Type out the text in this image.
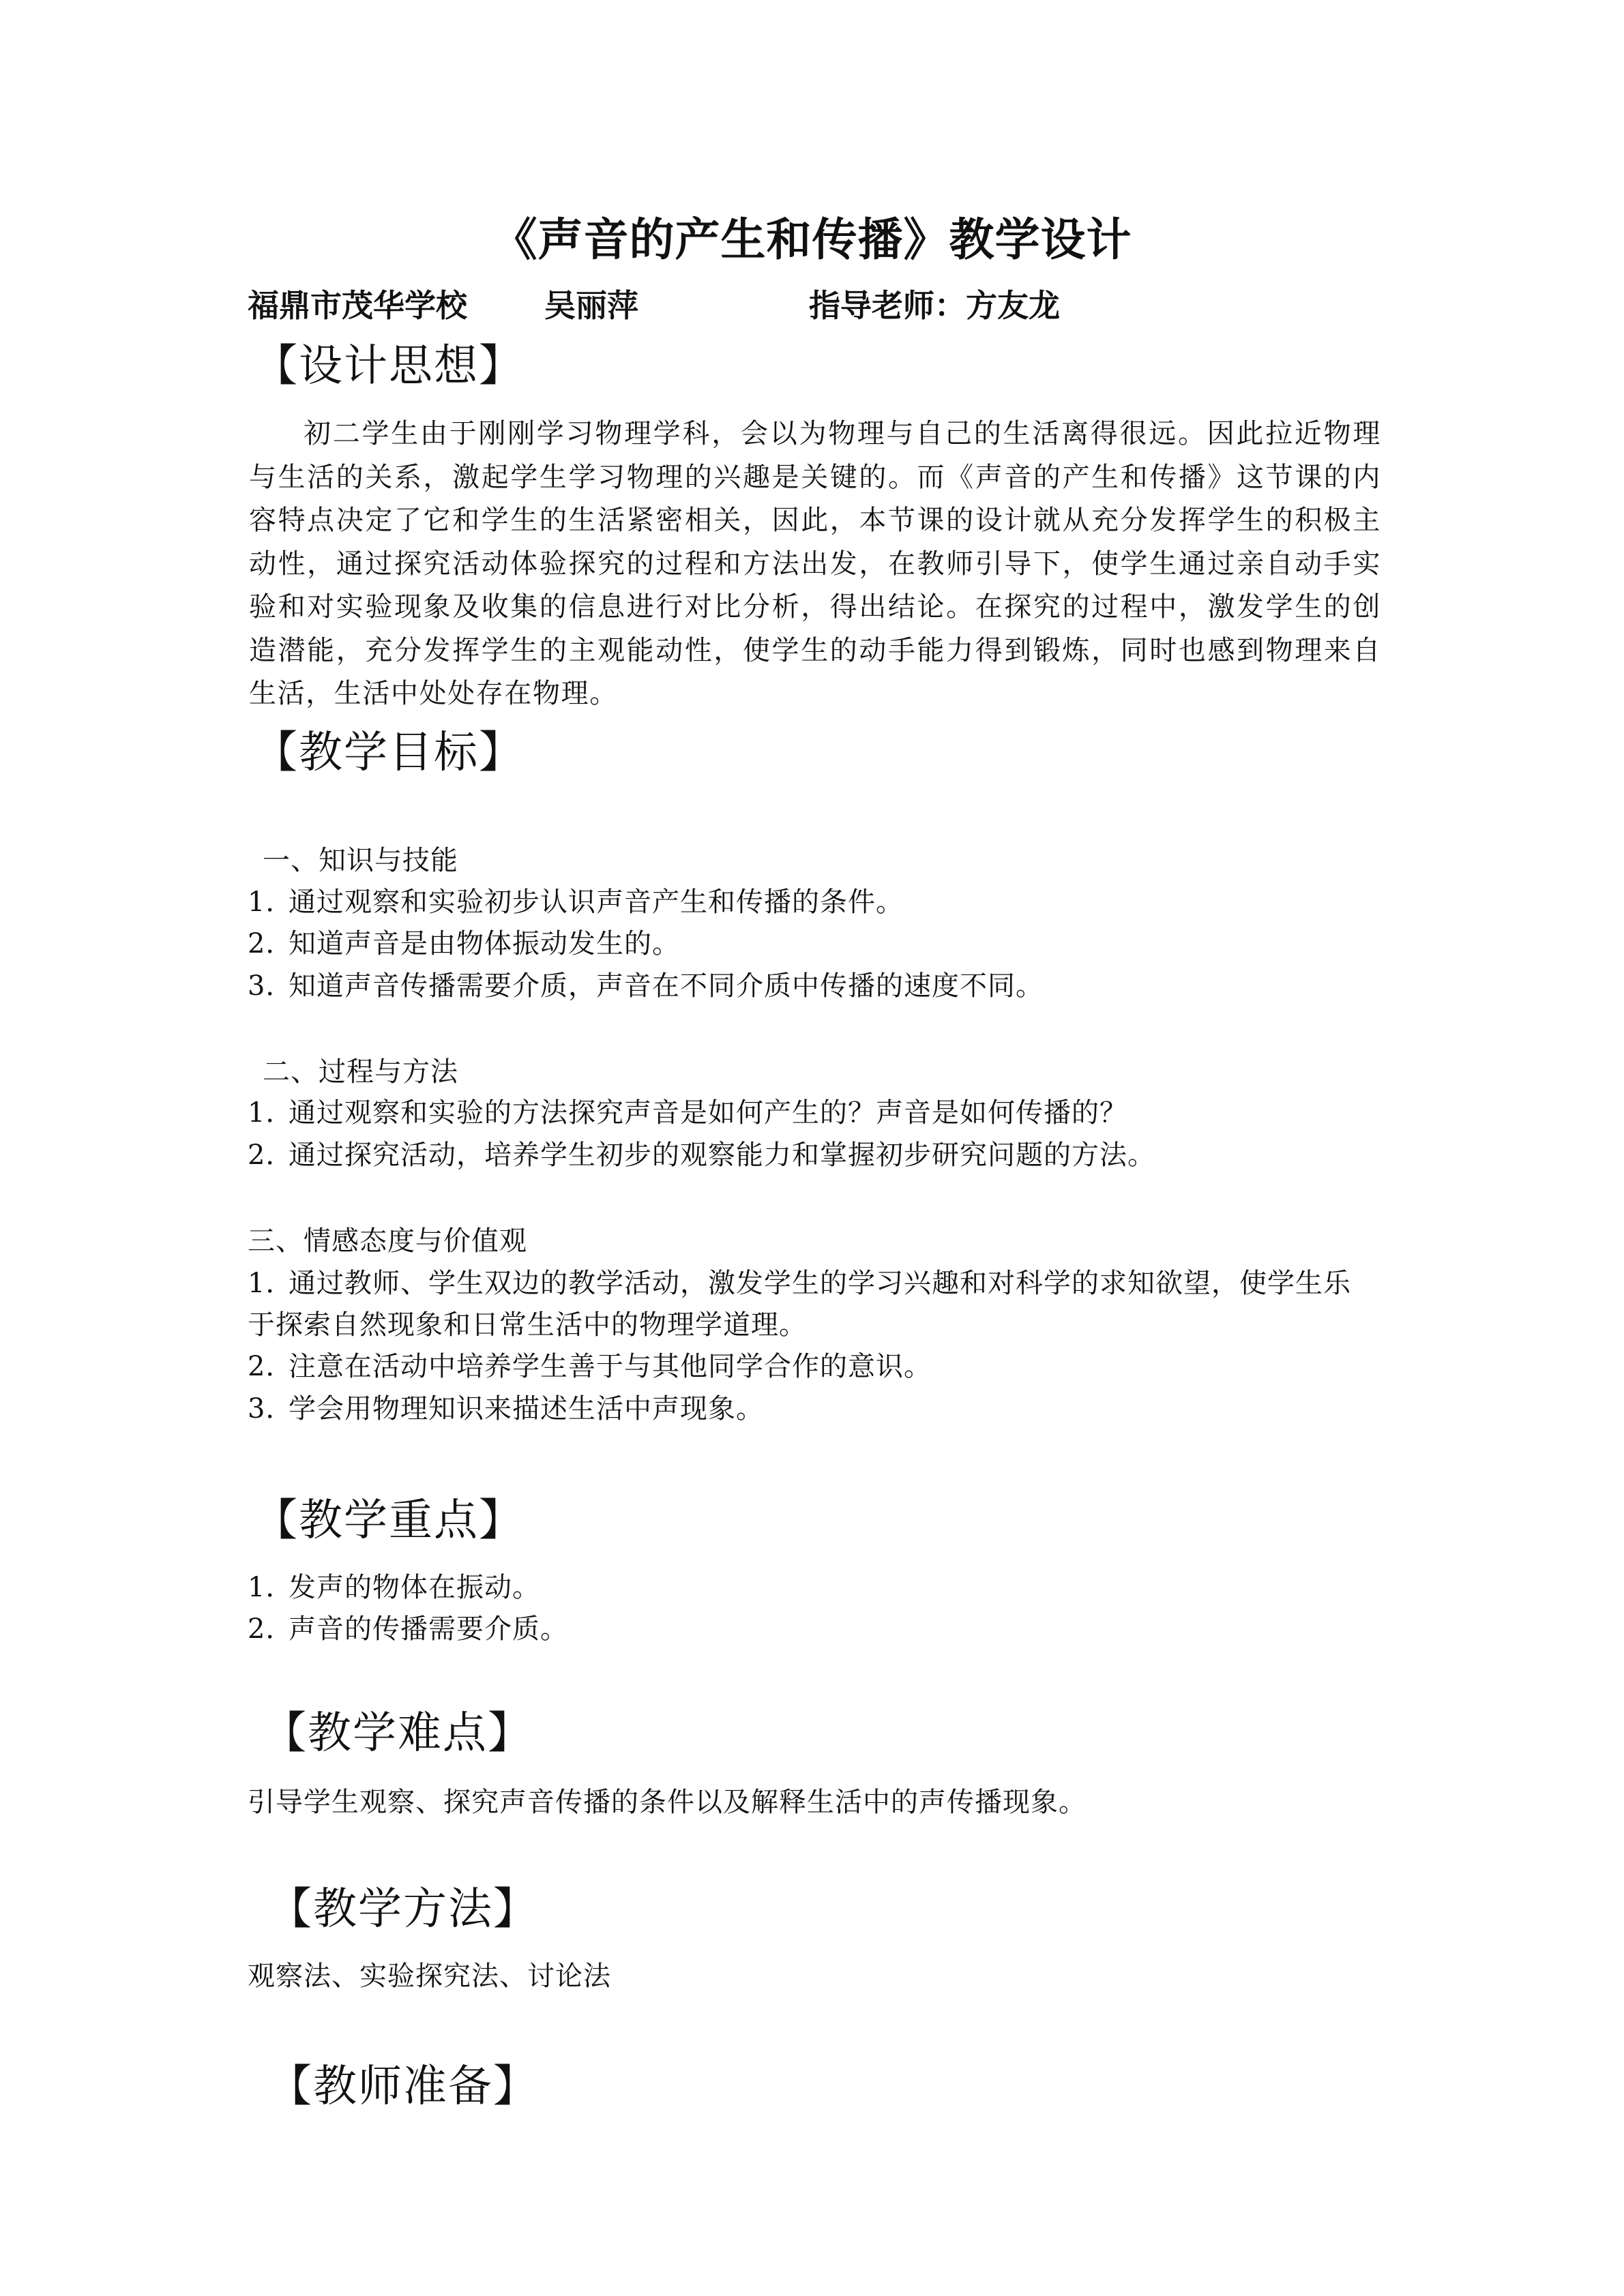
《声音的产生和传播》教学设计
福鼎市茂华学校 吴丽萍	指导老师：方友龙
【设计思想】
初二学生由于刚刚学习物理学科，会以为物理与自己的生活离得很远。因此拉近物理与生活的关系，激起学生学习物理的兴趣是关键的。而《声音的产生和传播》这节课的内容特点决定了它和学生的生活紧密相关，因此，本节课的设计就从充分发挥学生的积极主动性，通过探究活动体验探究的过程和方法出发，在教师引导下，使学生通过亲自动手实验和对实验现象及收集的信息进行对比分析，得出结论。在探究的过程中，激发学生的创造潜能，充分发挥学生的主观能动性，使学生的动手能力得到锻炼，同时也感到物理来自生活，生活中处处存在物理。
【教学目标】
一、知识与技能
1．通过观察和实验初步认识声音产生和传播的条件。
2．知道声音是由物体振动发生的。
3．知道声音传播需要介质，声音在不同介质中传播的速度不同。
二、过程与方法
1．通过观察和实验的方法探究声音是如何产生的？声音是如何传播的？
2．通过探究活动，培养学生初步的观察能力和掌握初步研究问题的方法。
三、情感态度与价值观
1．通过教师、学生双边的教学活动，激发学生的学习兴趣和对科学的求知欲望，使学生乐
于探索自然现象和日常生活中的物理学道理。
2．注意在活动中培养学生善于与其他同学合作的意识。
3．学会用物理知识来描述生活中声现象。
【教学重点】
1．发声的物体在振动。
2．声音的传播需要介质。
【教学难点】
引导学生观察、探究声音传播的条件以及解释生活中的声传播现象。
【教学方法】
观察法、实验探究法、讨论法
【教师准备】
